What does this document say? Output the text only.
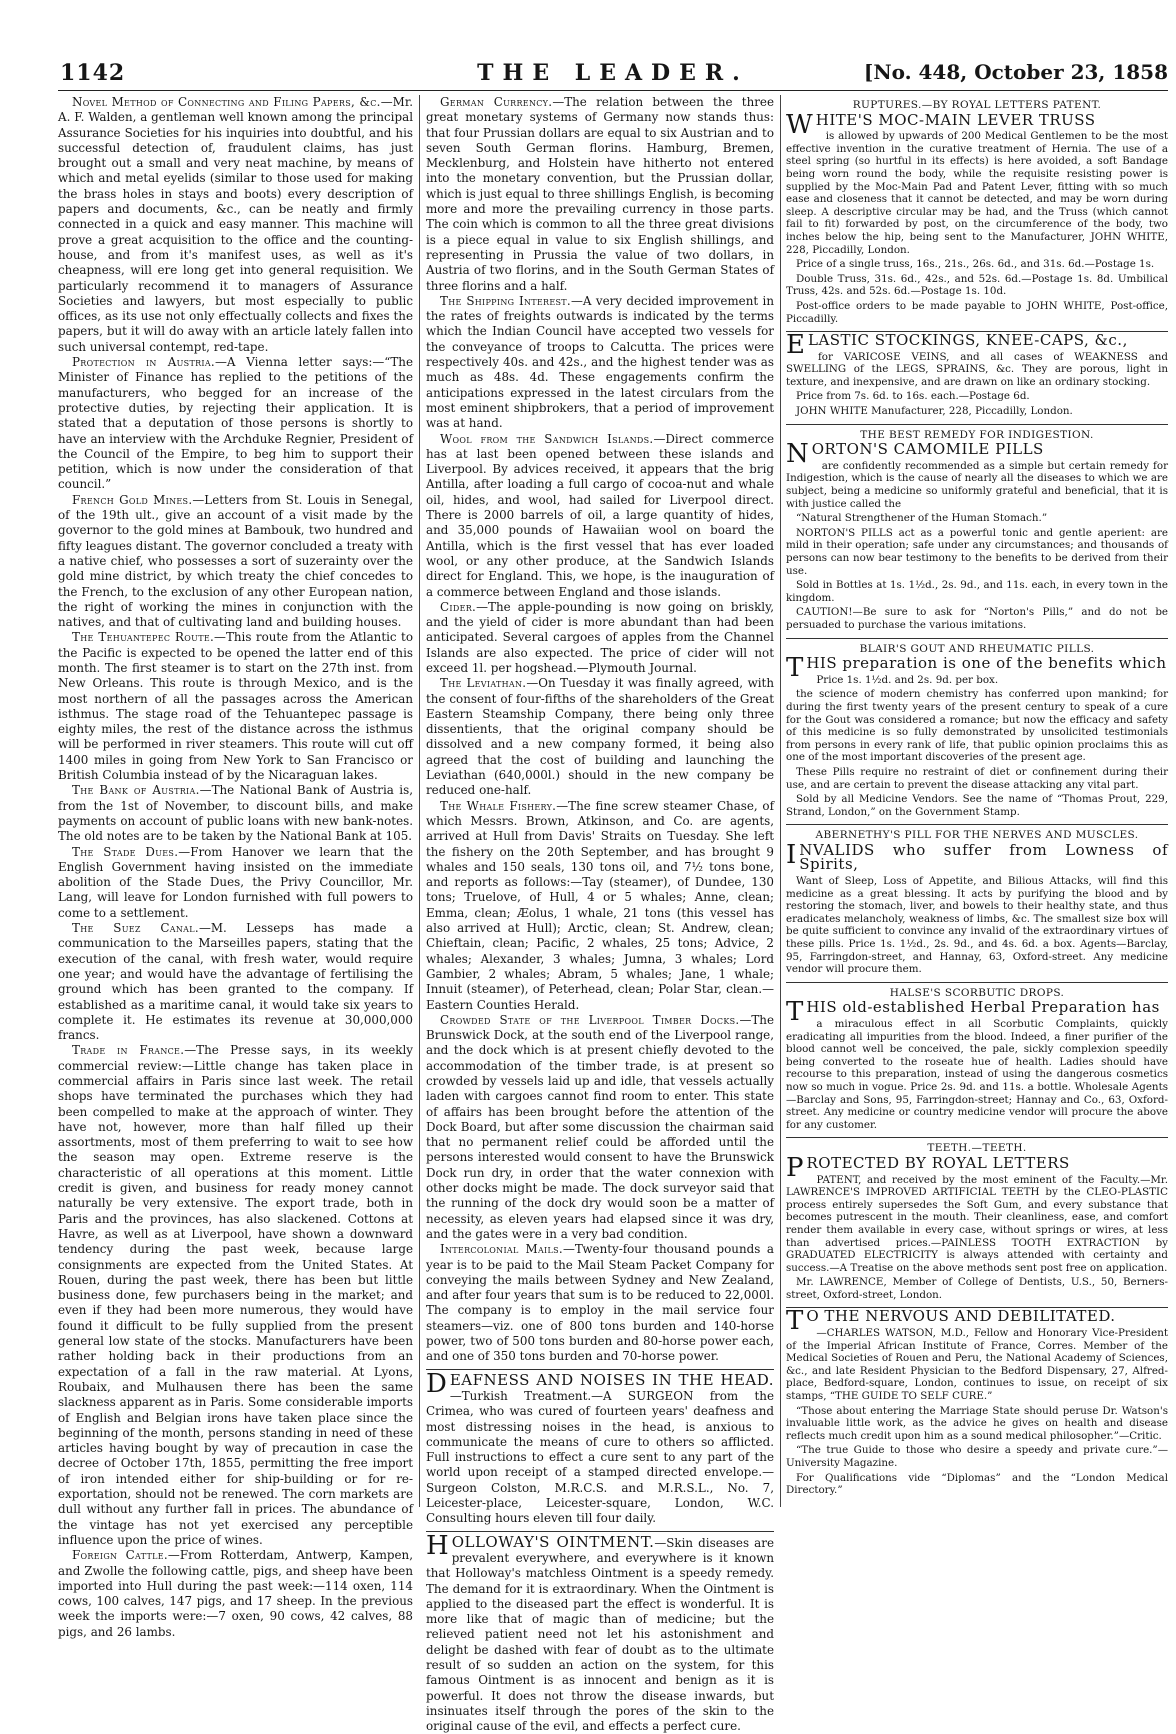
THE LEADER.
1142	[No. 448, October 23, 1858

Novel Method of Connecting and Filing Papers, &c.—Mr. A. F. Walden, a gentleman well known among the principal Assurance Societies for his inquiries into doubtful, and his successful detection of, fraudulent claims, has just brought out a small and very neat machine, by means of which and metal eyelids (similar to those used for making the brass holes in stays and boots) every description of papers and documents, &c., can be neatly and firmly connected in a quick and easy manner. This machine will prove a great acquisition to the office and the counting-house, and from it's manifest uses, as well as it's cheapness, will ere long get into general requisition. We particularly recommend it to managers of Assurance Societies and lawyers, but most especially to public offices, as its use not only effectually collects and fixes the papers, but it will do away with an article lately fallen into such universal contempt, red-tape.

Protection in Austria.—A Vienna letter says:—“The Minister of Finance has replied to the petitions of the manufacturers, who begged for an increase of the protective duties, by rejecting their application. It is stated that a deputation of those persons is shortly to have an interview with the Archduke Regnier, President of the Council of the Empire, to beg him to support their petition, which is now under the consideration of that council.”

French Gold Mines.—Letters from St. Louis in Senegal, of the 19th ult., give an account of a visit made by the governor to the gold mines at Bambouk, two hundred and fifty leagues distant. The governor concluded a treaty with a native chief, who possesses a sort of suzerainty over the gold mine district, by which treaty the chief concedes to the French, to the exclusion of any other European nation, the right of working the mines in conjunction with the natives, and that of cultivating land and building houses.

The Tehuantepec Route.—This route from the Atlantic to the Pacific is expected to be opened the latter end of this month. The first steamer is to start on the 27th inst. from New Orleans. This route is through Mexico, and is the most northern of all the passages across the American isthmus. The stage road of the Tehuantepec passage is eighty miles, the rest of the distance across the isthmus will be performed in river steamers. This route will cut off 1400 miles in going from New York to San Francisco or British Columbia instead of by the Nicaraguan lakes.

The Bank of Austria.—The National Bank of Austria is, from the 1st of November, to discount bills, and make payments on account of public loans with new bank-notes. The old notes are to be taken by the National Bank at 105.

The Stade Dues.—From Hanover we learn that the English Government having insisted on the immediate abolition of the Stade Dues, the Privy Councillor, Mr. Lang, will leave for London furnished with full powers to come to a settlement.

The Suez Canal.—M. Lesseps has made a communication to the Marseilles papers, stating that the execution of the canal, with fresh water, would require one year; and would have the advantage of fertilising the ground which has been granted to the company. If established as a maritime canal, it would take six years to complete it. He estimates its revenue at 30,000,000 francs.

Trade in France.—The Presse says, in its weekly commercial review:—Little change has taken place in commercial affairs in Paris since last week. The retail shops have terminated the purchases which they had been compelled to make at the approach of winter. They have not, however, more than half filled up their assortments, most of them preferring to wait to see how the season may open. Extreme reserve is the characteristic of all operations at this moment. Little credit is given, and business for ready money cannot naturally be very extensive. The export trade, both in Paris and the provinces, has also slackened. Cottons at Havre, as well as at Liverpool, have shown a downward tendency during the past week, because large consignments are expected from the United States. At Rouen, during the past week, there has been but little business done, few purchasers being in the market; and even if they had been more numerous, they would have found it difficult to be fully supplied from the present general low state of the stocks. Manufacturers have been rather holding back in their productions from an expectation of a fall in the raw material. At Lyons, Roubaix, and Mulhausen there has been the same slackness apparent as in Paris. Some considerable imports of English and Belgian irons have taken place since the beginning of the month, persons standing in need of these articles having bought by way of precaution in case the decree of October 17th, 1855, permitting the free import of iron intended either for ship-building or for re-exportation, should not be renewed. The corn markets are dull without any further fall in prices. The abundance of the vintage has not yet exercised any perceptible influence upon the price of wines.

Foreign Cattle.—From Rotterdam, Antwerp, Kampen, and Zwolle the following cattle, pigs, and sheep have been imported into Hull during the past week:—114 oxen, 114 cows, 100 calves, 147 pigs, and 17 sheep. In the previous week the imports were:—7 oxen, 90 cows, 42 calves, 88 pigs, and 26 lambs.

German Currency.—The relation between the three great monetary systems of Germany now stands thus: that four Prussian dollars are equal to six Austrian and to seven South German florins. Hamburg, Bremen, Mecklenburg, and Holstein have hitherto not entered into the monetary convention, but the Prussian dollar, which is just equal to three shillings English, is becoming more and more the prevailing currency in those parts. The coin which is common to all the three great divisions is a piece equal in value to six English shillings, and representing in Prussia the value of two dollars, in Austria of two florins, and in the South German States of three florins and a half.

The Shipping Interest.—A very decided improvement in the rates of freights outwards is indicated by the terms which the Indian Council have accepted two vessels for the conveyance of troops to Calcutta. The prices were respectively 40s. and 42s., and the highest tender was as much as 48s. 4d. These engagements confirm the anticipations expressed in the latest circulars from the most eminent shipbrokers, that a period of improvement was at hand.

Wool from the Sandwich Islands.—Direct commerce has at last been opened between these islands and Liverpool. By advices received, it appears that the brig Antilla, after loading a full cargo of cocoa-nut and whale oil, hides, and wool, had sailed for Liverpool direct. There is 2000 barrels of oil, a large quantity of hides, and 35,000 pounds of Hawaiian wool on board the Antilla, which is the first vessel that has ever loaded wool, or any other produce, at the Sandwich Islands direct for England. This, we hope, is the inauguration of a commerce between England and those islands.

Cider.—The apple-pounding is now going on briskly, and the yield of cider is more abundant than had been anticipated. Several cargoes of apples from the Channel Islands are also expected. The price of cider will not exceed 1l. per hogshead.—Plymouth Journal.

The Leviathan.—On Tuesday it was finally agreed, with the consent of four-fifths of the shareholders of the Great Eastern Steamship Company, there being only three dissentients, that the original company should be dissolved and a new company formed, it being also agreed that the cost of building and launching the Leviathan (640,000l.) should in the new company be reduced one-half.

The Whale Fishery.—The fine screw steamer Chase, of which Messrs. Brown, Atkinson, and Co. are agents, arrived at Hull from Davis' Straits on Tuesday. She left the fishery on the 20th September, and has brought 9 whales and 150 seals, 130 tons oil, and 7½ tons bone, and reports as follows:—Tay (steamer), of Dundee, 130 tons; Truelove, of Hull, 4 or 5 whales; Anne, clean; Emma, clean; Æolus, 1 whale, 21 tons (this vessel has also arrived at Hull); Arctic, clean; St. Andrew, clean; Chieftain, clean; Pacific, 2 whales, 25 tons; Advice, 2 whales; Alexander, 3 whales; Jumna, 3 whales; Lord Gambier, 2 whales; Abram, 5 whales; Jane, 1 whale; Innuit (steamer), of Peterhead, clean; Polar Star, clean.—Eastern Counties Herald.

Crowded State of the Liverpool Timber Docks.—The Brunswick Dock, at the south end of the Liverpool range, and the dock which is at present chiefly devoted to the accommodation of the timber trade, is at present so crowded by vessels laid up and idle, that vessels actually laden with cargoes cannot find room to enter. This state of affairs has been brought before the attention of the Dock Board, but after some discussion the chairman said that no permanent relief could be afforded until the persons interested would consent to have the Brunswick Dock run dry, in order that the water connexion with other docks might be made. The dock surveyor said that the running of the dock dry would soon be a matter of necessity, as eleven years had elapsed since it was dry, and the gates were in a very bad condition.

Intercolonial Mails.—Twenty-four thousand pounds a year is to be paid to the Mail Steam Packet Company for conveying the mails between Sydney and New Zealand, and after four years that sum is to be reduced to 22,000l. The company is to employ in the mail service four steamers—viz. one of 800 tons burden and 140-horse power, two of 500 tons burden and 80-horse power each, and one of 350 tons burden and 70-horse power.

DEAFNESS AND NOISES IN THE HEAD.—Turkish Treatment.—A SURGEON from the Crimea, who was cured of fourteen years' deafness and most distressing noises in the head, is anxious to communicate the means of cure to others so afflicted. Full instructions to effect a cure sent to any part of the world upon receipt of a stamped directed envelope.—Surgeon Colston, M.R.C.S. and M.R.S.L., No. 7, Leicester-place, Leicester-square, London, W.C. Consulting hours eleven till four daily.

HOLLOWAY'S OINTMENT.—Skin diseases are prevalent everywhere, and everywhere is it known that Holloway's matchless Ointment is a speedy remedy. The demand for it is extraordinary. When the Ointment is applied to the diseased part the effect is wonderful. It is more like that of magic than of medicine; but the relieved patient need not let his astonishment and delight be dashed with fear of doubt as to the ultimate result of so sudden an action on the system, for this famous Ointment is as innocent and benign as it is powerful. It does not throw the disease inwards, but insinuates itself through the pores of the skin to the original cause of the evil, and effects a perfect cure.

RUPTURES.—BY ROYAL LETTERS PATENT.

WHITE'S MOC-MAIN LEVER TRUSS

is allowed by upwards of 200 Medical Gentlemen to be the most effective invention in the curative treatment of Hernia. The use of a steel spring (so hurtful in its effects) is here avoided, a soft Bandage being worn round the body, while the requisite resisting power is supplied by the Moc-Main Pad and Patent Lever, fitting with so much ease and closeness that it cannot be detected, and may be worn during sleep. A descriptive circular may be had, and the Truss (which cannot fail to fit) forwarded by post, on the circumference of the body, two inches below the hip, being sent to the Manufacturer, JOHN WHITE, 228, Piccadilly, London.

Price of a single truss, 16s., 21s., 26s. 6d., and 31s. 6d.—Postage 1s.

Double Truss, 31s. 6d., 42s., and 52s. 6d.—Postage 1s. 8d. Umbilical Truss, 42s. and 52s. 6d.—Postage 1s. 10d.

Post-office orders to be made payable to JOHN WHITE, Post-office, Piccadilly.

ELASTIC STOCKINGS, KNEE-CAPS, &c.,

for VARICOSE VEINS, and all cases of WEAKNESS and SWELLING of the LEGS, SPRAINS, &c. They are porous, light in texture, and inexpensive, and are drawn on like an ordinary stocking.

Price from 7s. 6d. to 16s. each.—Postage 6d.

JOHN WHITE Manufacturer, 228, Piccadilly, London.

THE BEST REMEDY FOR INDIGESTION.

NORTON'S CAMOMILE PILLS

are confidently recommended as a simple but certain remedy for Indigestion, which is the cause of nearly all the diseases to which we are subject, being a medicine so uniformly grateful and beneficial, that it is with justice called the

“Natural Strengthener of the Human Stomach.”

NORTON'S PILLS act as a powerful tonic and gentle aperient: are mild in their operation; safe under any circumstances; and thousands of persons can now bear testimony to the benefits to be derived from their use.

Sold in Bottles at 1s. 1½d., 2s. 9d., and 11s. each, in every town in the kingdom.

CAUTION!—Be sure to ask for “Norton's Pills,” and do not be persuaded to purchase the various imitations.

BLAIR'S GOUT AND RHEUMATIC PILLS.

THIS preparation is one of the benefits which

Price 1s. 1½d. and 2s. 9d. per box.

the science of modern chemistry has conferred upon mankind; for during the first twenty years of the present century to speak of a cure for the Gout was considered a romance; but now the efficacy and safety of this medicine is so fully demonstrated by unsolicited testimonials from persons in every rank of life, that public opinion proclaims this as one of the most important discoveries of the present age.

These Pills require no restraint of diet or confinement during their use, and are certain to prevent the disease attacking any vital part.

Sold by all Medicine Vendors. See the name of “Thomas Prout, 229, Strand, London,” on the Government Stamp.

ABERNETHY'S PILL FOR THE NERVES AND MUSCLES.

INVALIDS who suffer from Lowness of Spirits,

Want of Sleep, Loss of Appetite, and Bilious Attacks, will find this medicine as a great blessing. It acts by purifying the blood and by restoring the stomach, liver, and bowels to their healthy state, and thus eradicates melancholy, weakness of limbs, &c. The smallest size box will be quite sufficient to convince any invalid of the extraordinary virtues of these pills. Price 1s. 1½d., 2s. 9d., and 4s. 6d. a box. Agents—Barclay, 95, Farringdon-street, and Hannay, 63, Oxford-street. Any medicine vendor will procure them.

HALSE'S SCORBUTIC DROPS.

THIS old-established Herbal Preparation has

a miraculous effect in all Scorbutic Complaints, quickly eradicating all impurities from the blood. Indeed, a finer purifier of the blood cannot well be conceived, the pale, sickly complexion speedily being converted to the roseate hue of health. Ladies should have recourse to this preparation, instead of using the dangerous cosmetics now so much in vogue. Price 2s. 9d. and 11s. a bottle. Wholesale Agents—Barclay and Sons, 95, Farringdon-street; Hannay and Co., 63, Oxford-street. Any medicine or country medicine vendor will procure the above for any customer.

TEETH.—TEETH.

PROTECTED BY ROYAL LETTERS

PATENT, and received by the most eminent of the Faculty.—Mr. LAWRENCE'S IMPROVED ARTIFICIAL TEETH by the CLEO-PLASTIC process entirely supersedes the Soft Gum, and every substance that becomes putrescent in the mouth. Their cleanliness, ease, and comfort render them available in every case, without springs or wires, at less than advertised prices.—PAINLESS TOOTH EXTRACTION by GRADUATED ELECTRICITY is always attended with certainty and success.—A Treatise on the above methods sent post free on application.

Mr. LAWRENCE, Member of College of Dentists, U.S., 50, Berners-street, Oxford-street, London.

T O THE NERVOUS AND DEBILITATED.

—CHARLES WATSON, M.D., Fellow and Honorary Vice-President of the Imperial African Institute of France, Corres. Member of the Medical Societies of Rouen and Peru, the National Academy of Sciences, &c., and late Resident Physician to the Bedford Dispensary, 27, Alfred-place, Bedford-square, London, continues to issue, on receipt of six stamps, “THE GUIDE TO SELF CURE.”

“Those about entering the Marriage State should peruse Dr. Watson's invaluable little work, as the advice he gives on health and disease reflects much credit upon him as a sound medical philosopher.”—Critic.

“The true Guide to those who desire a speedy and private cure.”—University Magazine.

For Qualifications vide “Diplomas” and the “London Medical Directory.”
